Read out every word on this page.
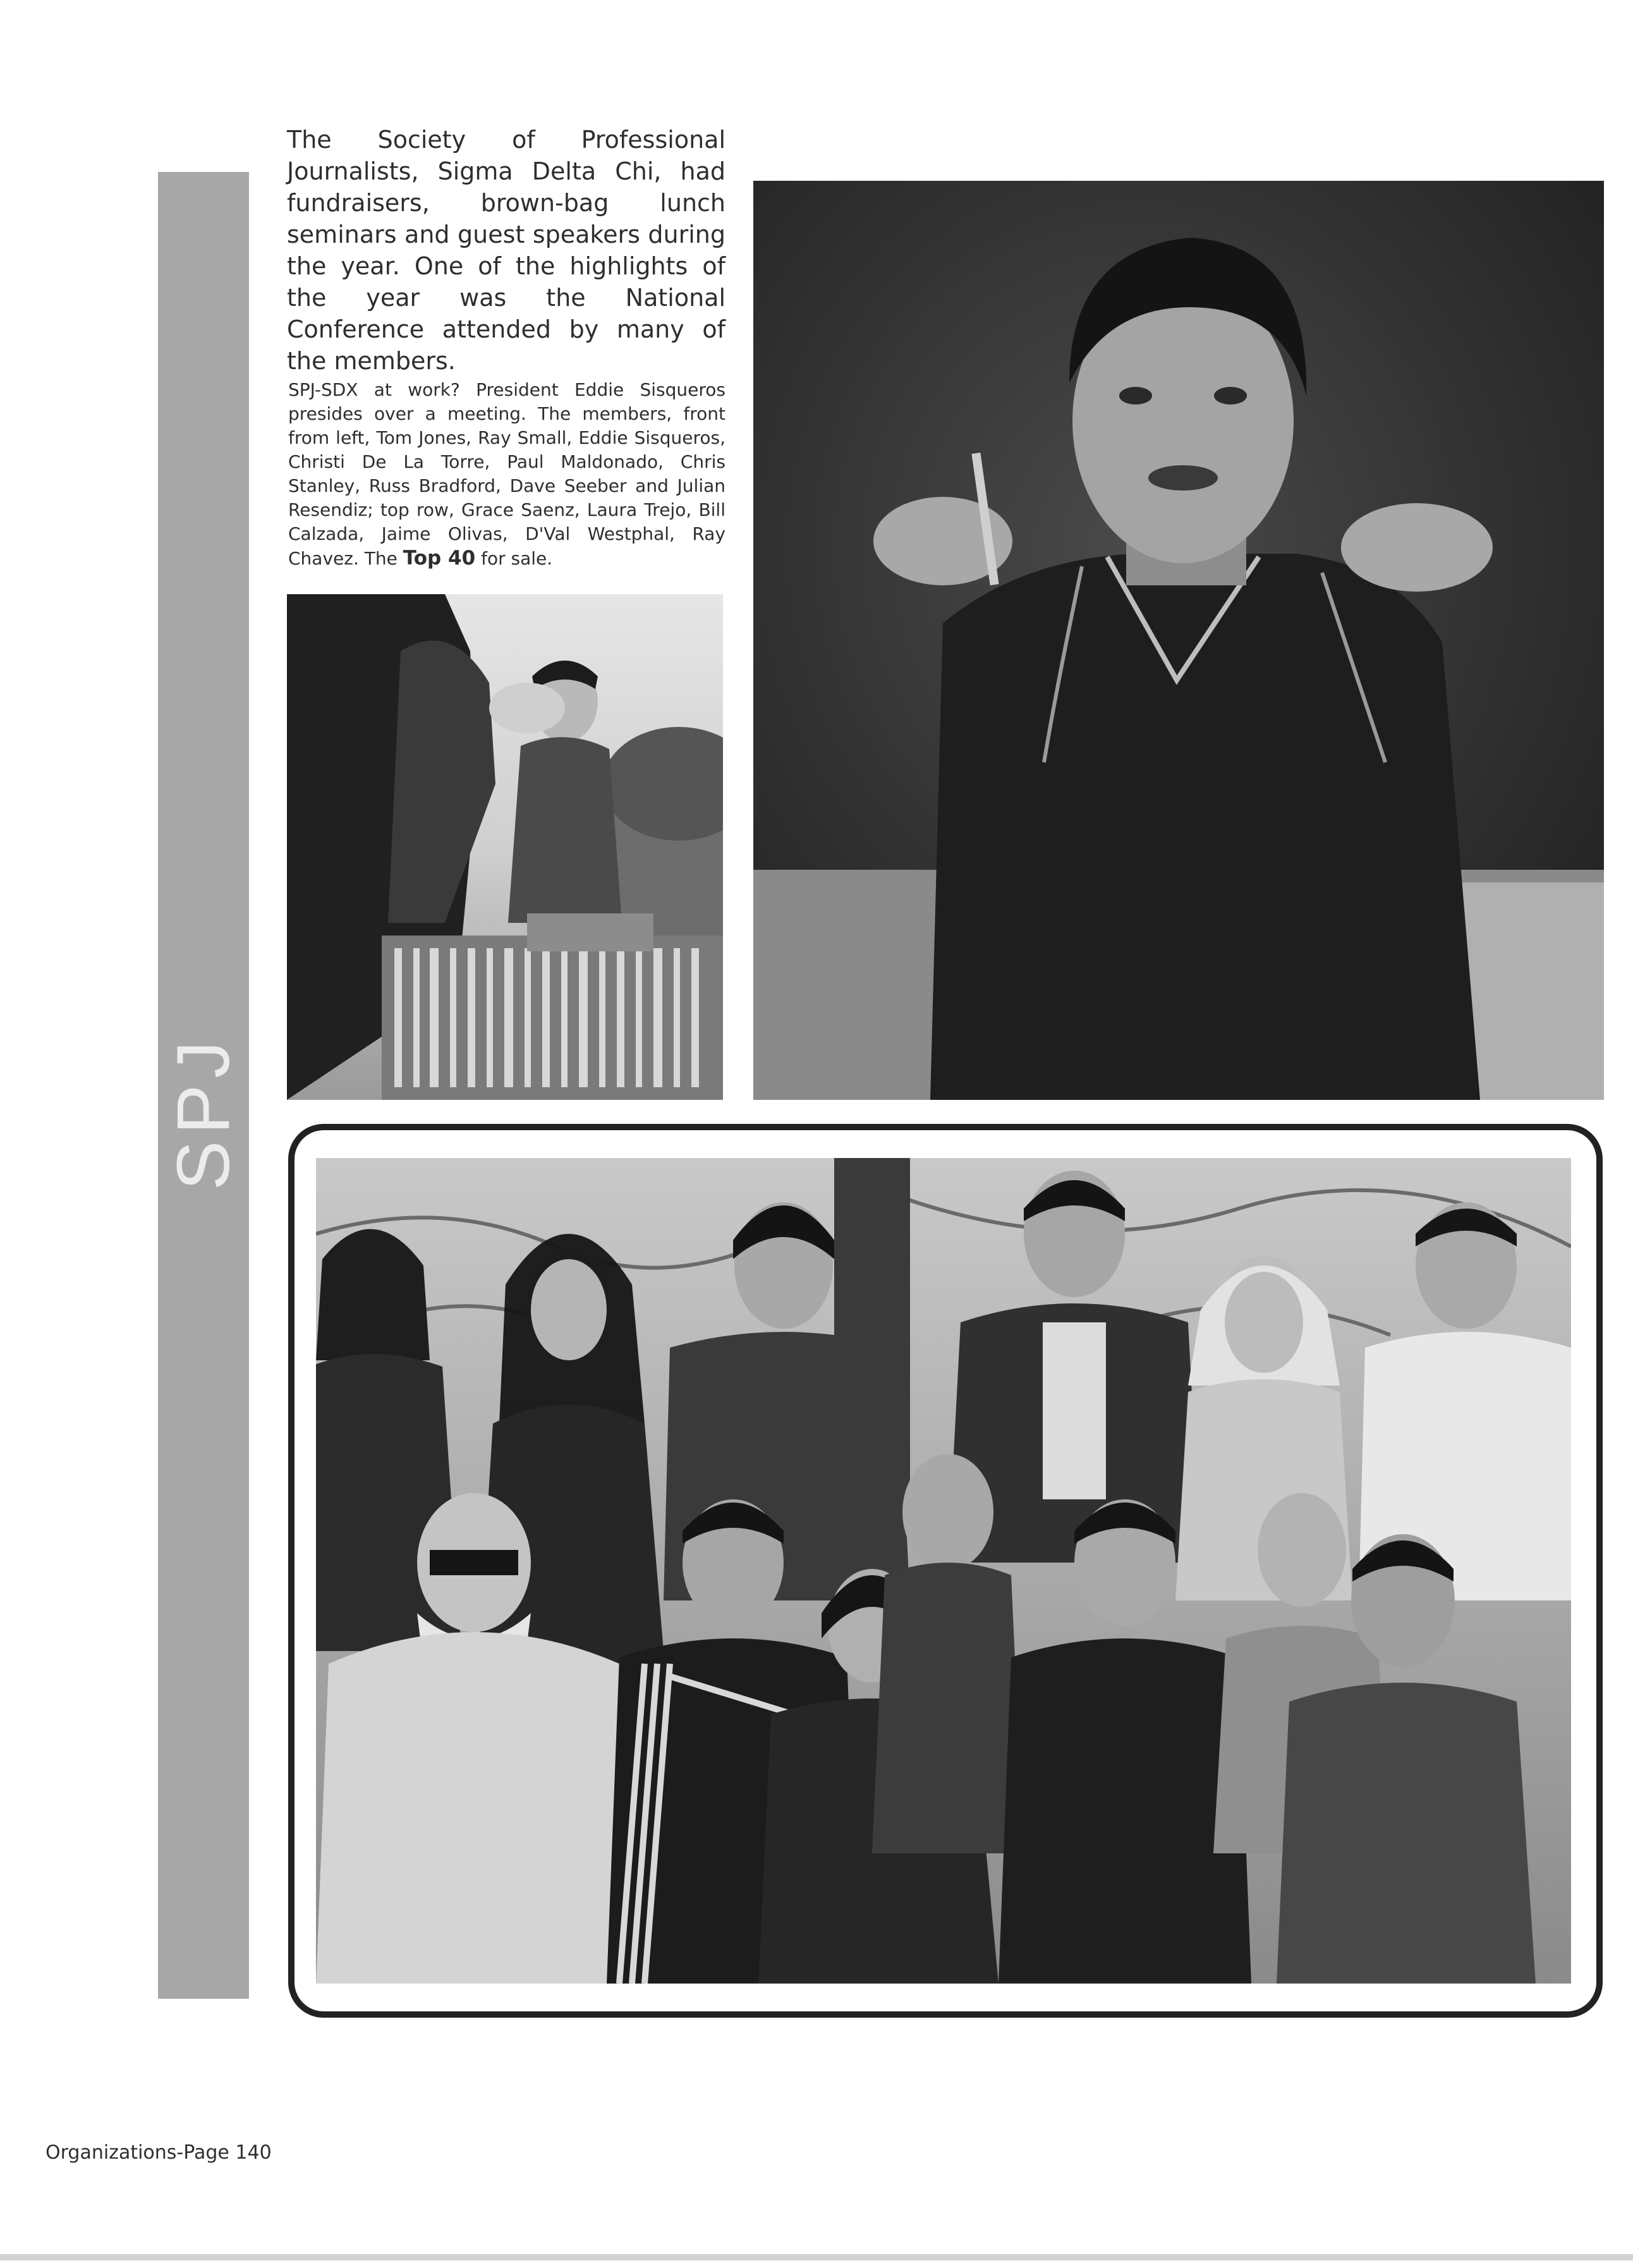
SPJ

The Society of Professional Journalists, Sigma Delta Chi, had fundraisers, brown-bag lunch seminars and guest speakers during the year. One of the highlights of the year was the National Conference attended by many of the members.

SPJ-SDX at work? President Eddie Sisqueros presides over a meeting. The members, front from left, Tom Jones, Ray Small, Eddie Sisqueros, Christi De La Torre, Paul Maldonado, Chris Stanley, Russ Bradford, Dave Seeber and Julian Resendiz; top row, Grace Saenz, Laura Trejo, Bill Calzada, Jaime Olivas, D'Val Westphal, Ray Chavez. The Top 40 for sale.

Organizations-Page 140
